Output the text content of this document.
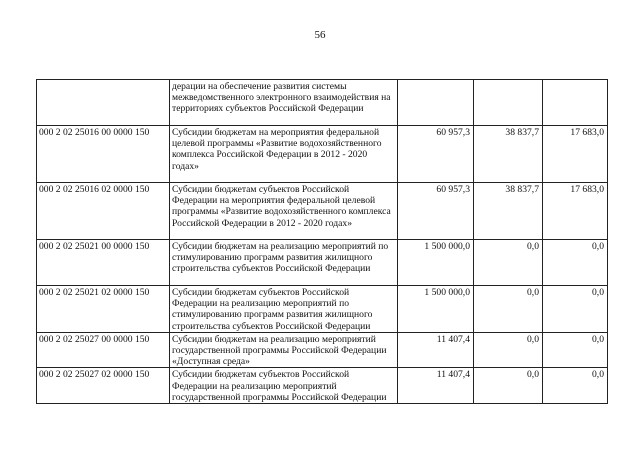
56
	дерации на обеспечение развития системы межведомственного электронного взаимодействия на территориях субъектов Российской Федерации			
000 2 02 25016 00 0000 150	Субсидии бюджетам на мероприятия федеральной целевой программы «Развитие водохозяйственного комплекса Российской Федерации в 2012 - 2020 годах»	60 957,3	38 837,7	17 683,0
000 2 02 25016 02 0000 150	Субсидии бюджетам субъектов Российской Федерации на мероприятия федеральной целевой программы «Развитие водохозяйственного комплекса Российской Федерации в 2012 - 2020 годах»	60 957,3	38 837,7	17 683,0
000 2 02 25021 00 0000 150	Субсидии бюджетам на реализацию мероприятий по стимулированию программ развития жилищного строительства субъектов Российской Федерации	1 500 000,0	0,0	0,0
000 2 02 25021 02 0000 150	Субсидии бюджетам субъектов Российской Федерации на реализацию мероприятий по стимулированию программ развития жилищного строительства субъектов Российской Федерации	1 500 000,0	0,0	0,0
000 2 02 25027 00 0000 150	Субсидии бюджетам на реализацию мероприятий государственной программы Российской Федерации «Доступная среда»	11 407,4	0,0	0,0
000 2 02 25027 02 0000 150	Субсидии бюджетам субъектов Российской Федерации на реализацию мероприятий государственной программы Российской Федерации	11 407,4	0,0	0,0
